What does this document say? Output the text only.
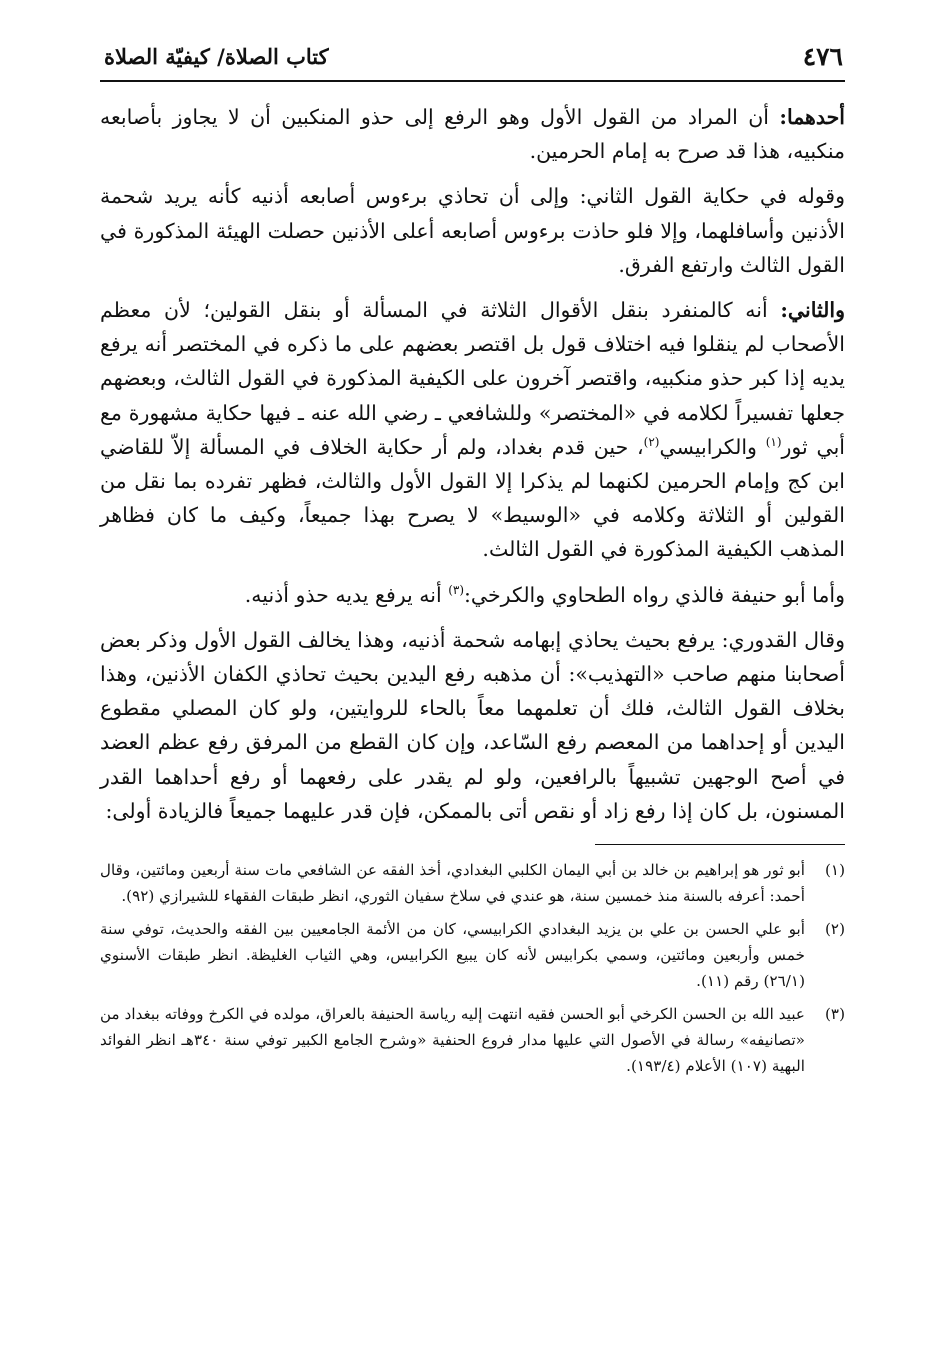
٤٧٦
كتاب الصلاة/ كيفيّة الصلاة

أحدهما: أن المراد من القول الأول وهو الرفع إلى حذو المنكبين أن لا يجاوز بأصابعه منكبيه، هذا قد صرح به إمام الحرمين.

وقوله في حكاية القول الثاني: وإلى أن تحاذي برءوس أصابعه أذنيه كأنه يريد شحمة الأذنين وأسافلهما، وإلا فلو حاذت برءوس أصابعه أعلى الأذنين حصلت الهيئة المذكورة في القول الثالث وارتفع الفرق.

والثاني: أنه كالمنفرد بنقل الأقوال الثلاثة في المسألة أو بنقل القولين؛ لأن معظم الأصحاب لم ينقلوا فيه اختلاف قول بل اقتصر بعضهم على ما ذكره في المختصر أنه يرفع يديه إذا كبر حذو منكبيه، واقتصر آخرون على الكيفية المذكورة في القول الثالث، وبعضهم جعلها تفسيراً لكلامه في «المختصر» وللشافعي ـ رضي الله عنه ـ فيها حكاية مشهورة مع أبي ثور$^{(١)}$ والكرابيسي$^{(٢)}$، حين قدم بغداد، ولم أر حكاية الخلاف في المسألة إلاّ للقاضي ابن كج وإمام الحرمين لكنهما لم يذكرا إلا القول الأول والثالث، فظهر تفرده بما نقل من القولين أو الثلاثة وكلامه في «الوسيط» لا يصرح بهذا جميعاً، وكيف ما كان فظاهر المذهب الكيفية المذكورة في القول الثالث.

وأما أبو حنيفة فالذي رواه الطحاوي والكرخي:$^{(٣)}$ أنه يرفع يديه حذو أذنيه.

وقال القدوري: يرفع بحيث يحاذي إبهامه شحمة أذنيه، وهذا يخالف القول الأول وذكر بعض أصحابنا منهم صاحب «التهذيب»: أن مذهبه رفع اليدين بحيث تحاذي الكفان الأذنين، وهذا بخلاف القول الثالث، فلك أن تعلمهما معاً بالحاء للروايتين، ولو كان المصلي مقطوع اليدين أو إحداهما من المعصم رفع السّاعد، وإن كان القطع من المرفق رفع عظم العضد في أصح الوجهين تشبيهاً بالرافعين، ولو لم يقدر على رفعهما أو رفع أحداهما القدر المسنون، بل كان إذا رفع زاد أو نقص أتى بالممكن، فإن قدر عليهما جميعاً فالزيادة أولى:

(١)
أبو ثور هو إبراهيم بن خالد بن أبي اليمان الكلبي البغدادي، أخذ الفقه عن الشافعي مات سنة أربعين ومائتين، وقال أحمد: أعرفه بالسنة منذ خمسين سنة، هو عندي في سلاخ سفيان الثوري، انظر طبقات الفقهاء للشيرازي (٩٢).
(٢)
أبو علي الحسن بن علي بن يزيد البغدادي الكرابيسي، كان من الأئمة الجامعيين بين الفقه والحديث، توفي سنة خمس وأربعين ومائتين، وسمي بكرابيس لأنه كان يبيع الكرابيس، وهي الثياب الغليظة. انظر طبقات الأسنوي (٢٦/١) رقم (١١).
(٣)
عبيد الله بن الحسن الكرخي أبو الحسن فقيه انتهت إليه رياسة الحنيفة بالعراق، مولده في الكرخ ووفاته ببغداد من «تصانيفه» رسالة في الأصول التي عليها مدار فروع الحنفية «وشرح الجامع الكبير توفي سنة ٣٤٠هـ انظر الفوائد البهية (١٠٧) الأعلام (١٩٣/٤).
